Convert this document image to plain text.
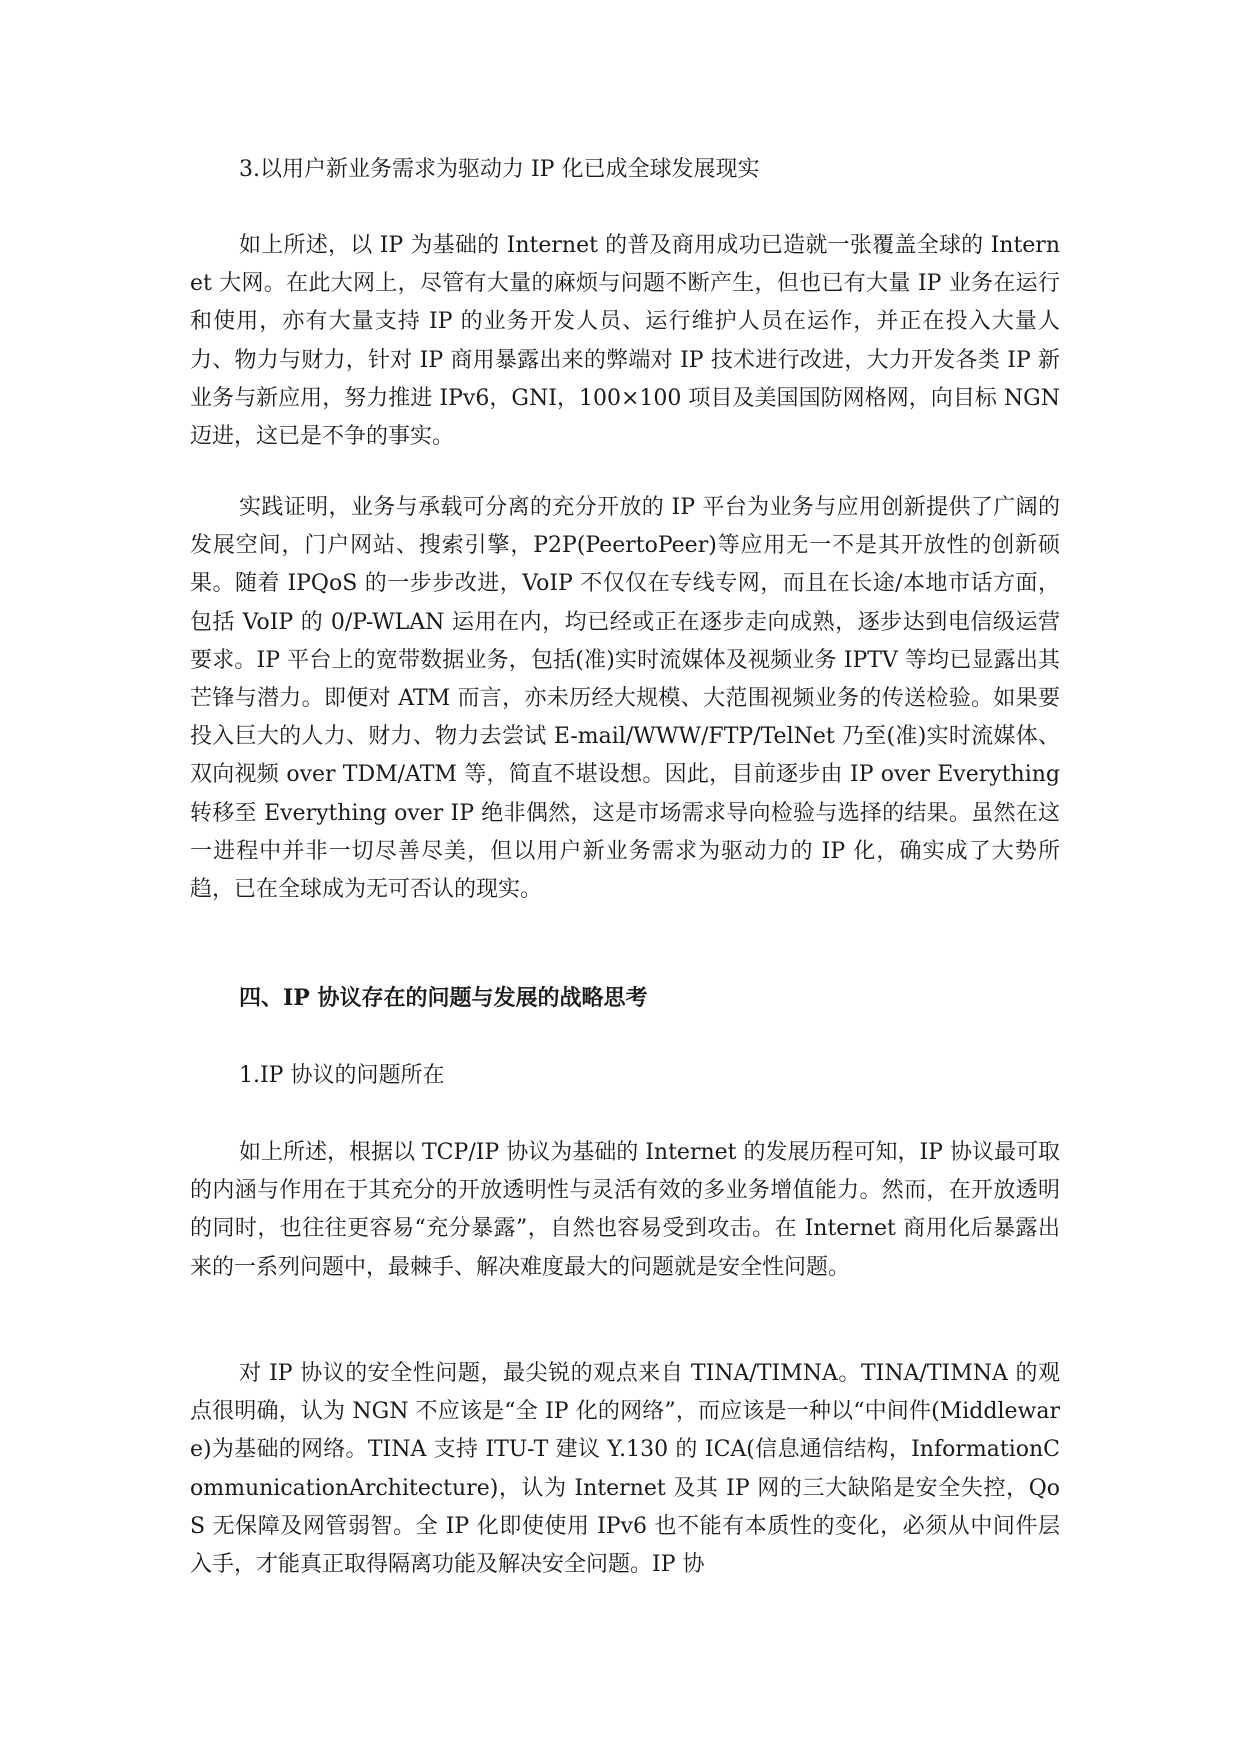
3.以用户新业务需求为驱动力 IP 化已成全球发展现实

如上所述，以 IP 为基础的 Internet 的普及商用成功已造就一张覆盖全球的 Internet 大网。在此大网上，尽管有大量的麻烦与问题不断产生，但也已有大量 IP 业务在运行和使用，亦有大量支持 IP 的业务开发人员、运行维护人员在运作，并正在投入大量人力、物力与财力，针对 IP 商用暴露出来的弊端对 IP 技术进行改进，大力开发各类 IP 新业务与新应用，努力推进 IPv6，GNI，100×100 项目及美国国防网格网，向目标 NGN 迈进，这已是不争的事实。

实践证明，业务与承载可分离的充分开放的 IP 平台为业务与应用创新提供了广阔的发展空间，门户网站、搜索引擎，P2P(PeertoPeer)等应用无一不是其开放性的创新硕果。随着 IPQoS 的一步步改进，VoIP 不仅仅在专线专网，而且在长途/本地市话方面，包括 VoIP 的 0/P-WLAN 运用在内，均已经或正在逐步走向成熟，逐步达到电信级运营要求。IP 平台上的宽带数据业务，包括(准)实时流媒体及视频业务 IPTV 等均已显露出其芒锋与潜力。即便对 ATM 而言，亦未历经大规模、大范围视频业务的传送检验。如果要投入巨大的人力、财力、物力去尝试 E-mail/WWW/FTP/TelNet 乃至(准)实时流媒体、双向视频 over TDM/ATM 等，简直不堪设想。因此，目前逐步由 IP over Everything 转移至 Everything over IP 绝非偶然，这是市场需求导向检验与选择的结果。虽然在这一进程中并非一切尽善尽美，但以用户新业务需求为驱动力的 IP 化，确实成了大势所趋，已在全球成为无可否认的现实。

四、IP 协议存在的问题与发展的战略思考

1.IP 协议的问题所在

如上所述，根据以 TCP/IP 协议为基础的 Internet 的发展历程可知，IP 协议最可取的内涵与作用在于其充分的开放透明性与灵活有效的多业务增值能力。然而，在开放透明的同时，也往往更容易“充分暴露”，自然也容易受到攻击。在 Internet 商用化后暴露出来的一系列问题中，最棘手、解决难度最大的问题就是安全性问题。

对 IP 协议的安全性问题，最尖锐的观点来自 TINA/TIMNA。TINA/TIMNA 的观点很明确，认为 NGN 不应该是“全 IP 化的网络”，而应该是一种以“中间件(Middleware)为基础的网络。TINA 支持 ITU-T 建议 Y.130 的 ICA(信息通信结构，InformationCommunicationArchitecture)，认为 Internet 及其 IP 网的三大缺陷是安全失控，QoS 无保障及网管弱智。全 IP 化即使使用 IPv6 也不能有本质性的变化，必须从中间件层入手，才能真正取得隔离功能及解决安全问题。IP 协
